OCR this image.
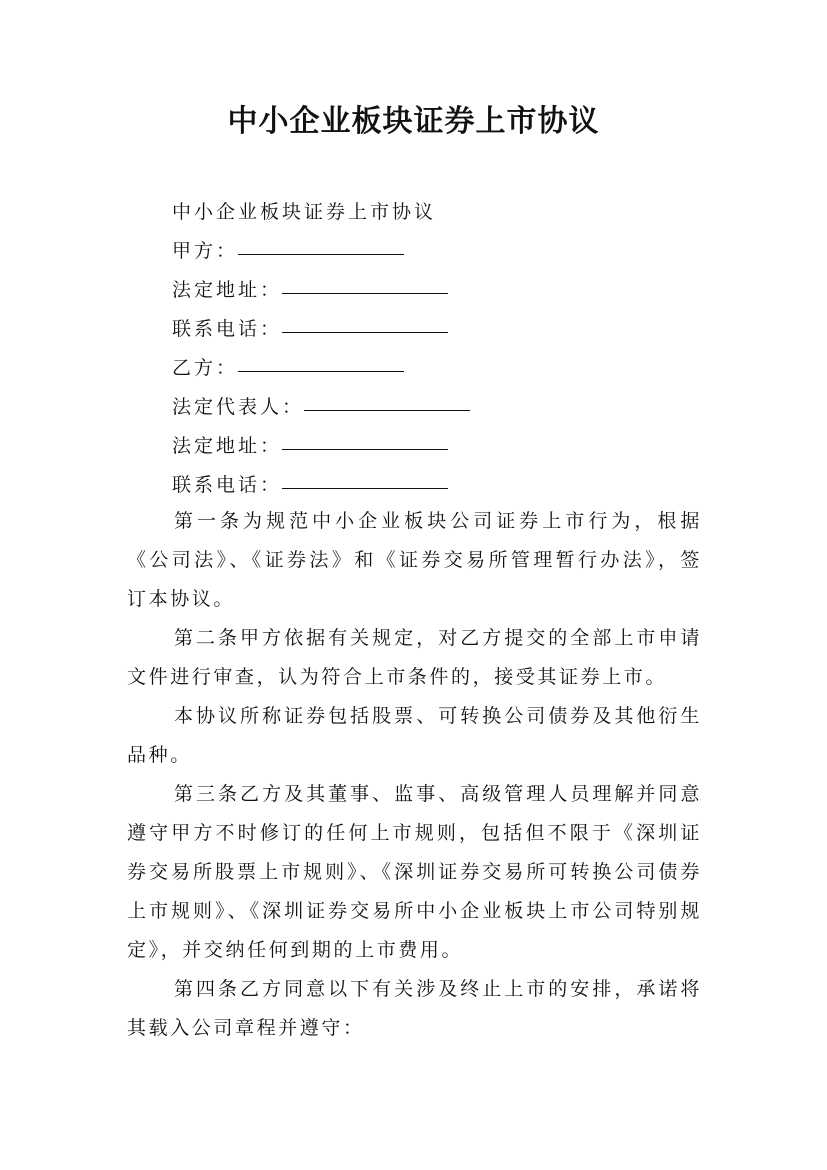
中小企业板块证券上市协议
中小企业板块证券上市协议
甲方：
法定地址：
联系电话：
乙方：
法定代表人：
法定地址：
联系电话：

第一条为规范中小企业板块公司证券上市行为，根据《公司法》、《证券法》和《证券交易所管理暂行办法》，签订本协议。

第二条甲方依据有关规定，对乙方提交的全部上市申请文件进行审查，认为符合上市条件的，接受其证券上市。

本协议所称证券包括股票、可转换公司债券及其他衍生品种。

第三条乙方及其董事、监事、高级管理人员理解并同意遵守甲方不时修订的任何上市规则，包括但不限于《深圳证券交易所股票上市规则》、《深圳证券交易所可转换公司债券上市规则》、《深圳证券交易所中小企业板块上市公司特别规定》，并交纳任何到期的上市费用。

第四条乙方同意以下有关涉及终止上市的安排，承诺将其载入公司章程并遵守：
